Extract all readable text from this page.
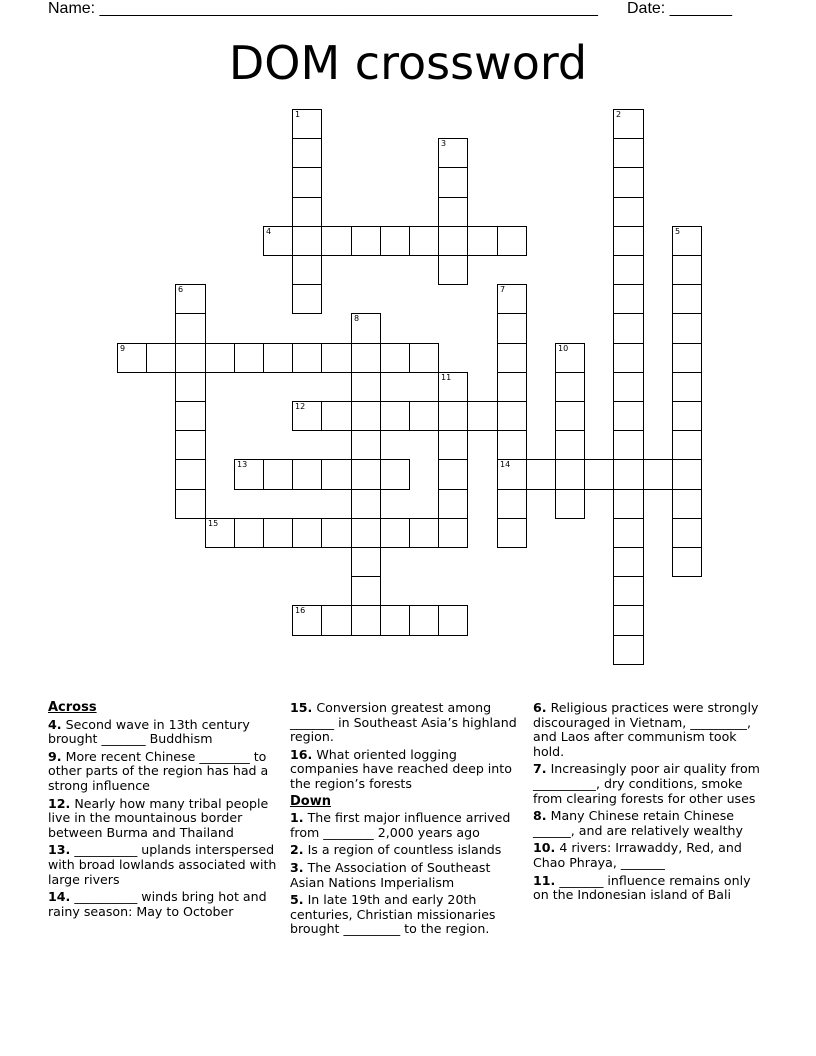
Name: ________________________________________________________ Date: _______
DOM crossword
1	2
3
4	5
6	7
14
8
9	10
11
12
13
15
16
Across
4. Second wave in 13th century brought _______ Buddhism
9. More recent Chinese ________ to other parts of the region has had a strong influence
12. Nearly how many tribal people live in the mountainous border between Burma and Thailand
13. __________ uplands interspersed with broad lowlands associated with large rivers
14. __________ winds bring hot and rainy season: May to October
15. Conversion greatest among _______ in Southeast Asia’s highland region.
16. What oriented logging companies have reached deep into the region’s forests
Down
1. The first major influence arrived from ________ 2,000 years ago
2. Is a region of countless islands
3. The Association of Southeast Asian Nations Imperialism
5. In late 19th and early 20th centuries, Christian missionaries brought _________ to the region.
6. Religious practices were strongly discouraged in Vietnam, _________, and Laos after communism took hold.
7. Increasingly poor air quality from __________, dry conditions, smoke from clearing forests for other uses
8. Many Chinese retain Chinese ______, and are relatively wealthy
10. 4 rivers: Irrawaddy, Red, and Chao Phraya, _______
11. _______ influence remains only on the Indonesian island of Bali
